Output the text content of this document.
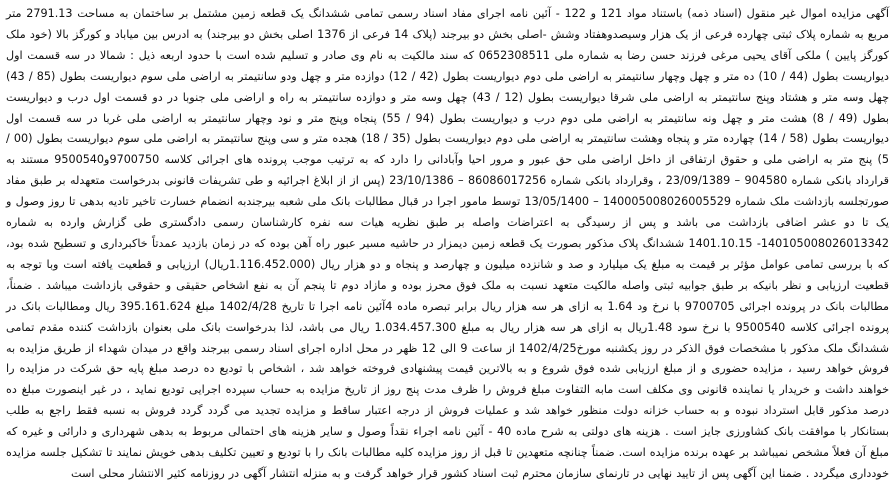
آگهی مزایده اموال غیر منقول (اسناد ذمه) باستناد مواد 121 و 122 - آئین نامه اجرای مفاد اسناد رسمی تمامی ششدانگ یک قطعه زمین مشتمل بر ساختمان به مساحت 2791.13 متر مربع به شماره پلاک ثبتی چهارده فرعی از یک هزار وسیصدوهفتاد وشش -اصلی بخش دو بیرجند (پلاک 14 فرعی از 1376 اصلی بخش دو بیرجند) به ادرس بین میاباد و کورگز بالا (خود ملک کورگز پایین ) ملکی آقای یحیی مرغی فرزند حسن رضا به شماره ملی 0652308511 که سند مالکیت به نام وی صادر و تسلیم شده است با حدود اربعه ذیل : شمالا در سه قسمت اول دیواریست بطول (44 / 10) ده متر و چهل وچهار سانتیمتر به اراضی ملی دوم دیواریست بطول (42 / 12) دوازده متر و چهل ودو سانتیمتر به اراضی ملی سوم دیواریست بطول (85 / 43) چهل وسه متر و هشتاد وپنج سانتیمتر به اراضی ملی شرقا دیواریست بطول (12 / 43) چهل وسه متر و دوازده سانتیمتر به راه و اراضی ملی جنوبا در دو قسمت اول درب و دیواریست بطول (49 / 8) هشت متر و چهل ونه سانتیمتر به اراضی ملی دوم درب و دیواریست بطول (94 / 55) پنجاه وپنج متر و نود وچهار سانتیمتر به اراضی ملی غربا در سه قسمت اول دیواریست بطول (58 / 14) چهارده متر و پنجاه وهشت سانتیمتر به اراضی ملی دوم دیواریست بطول (35 / 18) هجده متر و سی وپنج سانتیمتر به اراضی ملی سوم دیواریست بطول (00 / 5) پنج متر به اراضی ملی و حقوق ارتفاقی از داخل اراضی ملی حق عبور و مرور احیا وآبادانی را دارد که به ترتیب موجب پرونده های اجرائی کلاسه 9700750و9500540 مستند به قرارداد بانکی شماره 904580 – 23/09/1389 ، وقرارداد بانکی شماره 86086017256 – 23/10/1386 (پس از از ابلاغ اجرائیه و طی تشریفات قانونی بدرخواست متعهدله بر طبق مفاد صورتجلسه بازداشت ملک شماره 140005008026005529 – 13/05/1400 توسط مامور اجرا در قبال مطالبات بانک ملی شعبه بیرجندبه انضمام خسارت تاخیر تادیه بدهی تا روز وصول و یک تا دو عشر اضافی بازداشت می باشد و پس از رسیدگی به اعتراضات واصله بر طبق نظریه هیات سه نفره کارشناسان رسمی دادگستری طی گزارش وارده به شماره 140105008026013342- 1401.10.15 ششدانگ پلاک مذکور بصورت یک قطعه زمین دیمزار در حاشیه مسیر عبور راه آهن بوده که در زمان بازدید عمدتاً خاکبرداری و تسطیح شده بود، که با بررسی تمامی عوامل مؤثر بر قیمت به مبلغ یک میلیارد و صد و شانزده میلیون و چهارصد و پنجاه و دو هزار ریال (1.116.452.000ریال) ارزیابی و قطعیت یافته است وبا توجه به قطعیت ارزیابی و نظر بانیکه بر طبق جوابیه ثبتی واصله مالکیت متعهد نسبت به ملک فوق محرز بوده و مازاد دوم تا پنجم آن به نفع اشخاص حقیقی و حقوقی بازداشت میباشد . ضمناً، مطالبات بانک در پرونده اجرائی 9700705 با نرخ ود 1.64 به ازای هر سه هزار ریال برابر تبصره ماده 4آئین نامه اجرا تا تاریخ 1402/4/28 مبلغ 395.161.624 ریال ومطالبات بانک در پرونده اجرائی کلاسه 9500540 با نرخ سود 1.48ریال به ازای هر سه هزار ریال به مبلغ 1.034.457.300 ریال می باشد، لذا بدرخواست بانک ملی بعنوان بازداشت کننده مقدم تمامی ششدانگ ملک مذکور با مشخصات فوق الذکر در روز یکشنبه مورخ1402/4/25 از ساعت 9 الی 12 ظهر در محل اداره اجرای اسناد رسمی بیرجند واقع در میدان شهداء از طریق مزایده به فروش خواهد رسید ، مزایده حضوری و از مبلغ ارزیابی شده فوق شروع و به بالاترین قیمت پیشنهادی فروخته خواهد شد ، اشخاص با تودیع ده درصد مبلغ پایه حق شرکت در مزایده را خواهند داشت و خریدار یا نماینده قانونی وی مکلف است مابه التفاوت مبلغ فروش را ظرف مدت پنج روز از تاریخ مزایده به حساب سپرده اجرایی تودیع نماید ، در غیر اینصورت مبلغ ده درصد مذکور قابل استرداد نبوده و به حساب خزانه دولت منظور خواهد شد و عملیات فروش از درجه اعتبار ساقط و مزایده تجدید می گردد گردد فروش به نسبه فقط راجع به طلب بستانکار با موافقت بانک کشاورزی جایز است . هزینه های دولتی به شرح ماده 40 - آئین نامه اجراء نقداً وصول و سایر هزینه های احتمالی مربوط به بدهی شهرداری و دارائی و غیره که مبلغ آن فعلاً مشخص نمیباشد بر عهده برنده مزایده است. ضمناً چنانچه متعهدین تا قبل از روز مزایده کلیه مطالبات بانک را با تودیع و تعیین تکلیف بدهی خویش نمایند تا تشکیل جلسه مزایده خودداری میگردد . ضمنا این آگهی پس از تایید نهایی در تارنمای سازمان محترم ثبت اسناد کشور قرار خواهد گرفت و به منزله انتشار آگهی در روزنامه کثیر الانتشار محلی است
